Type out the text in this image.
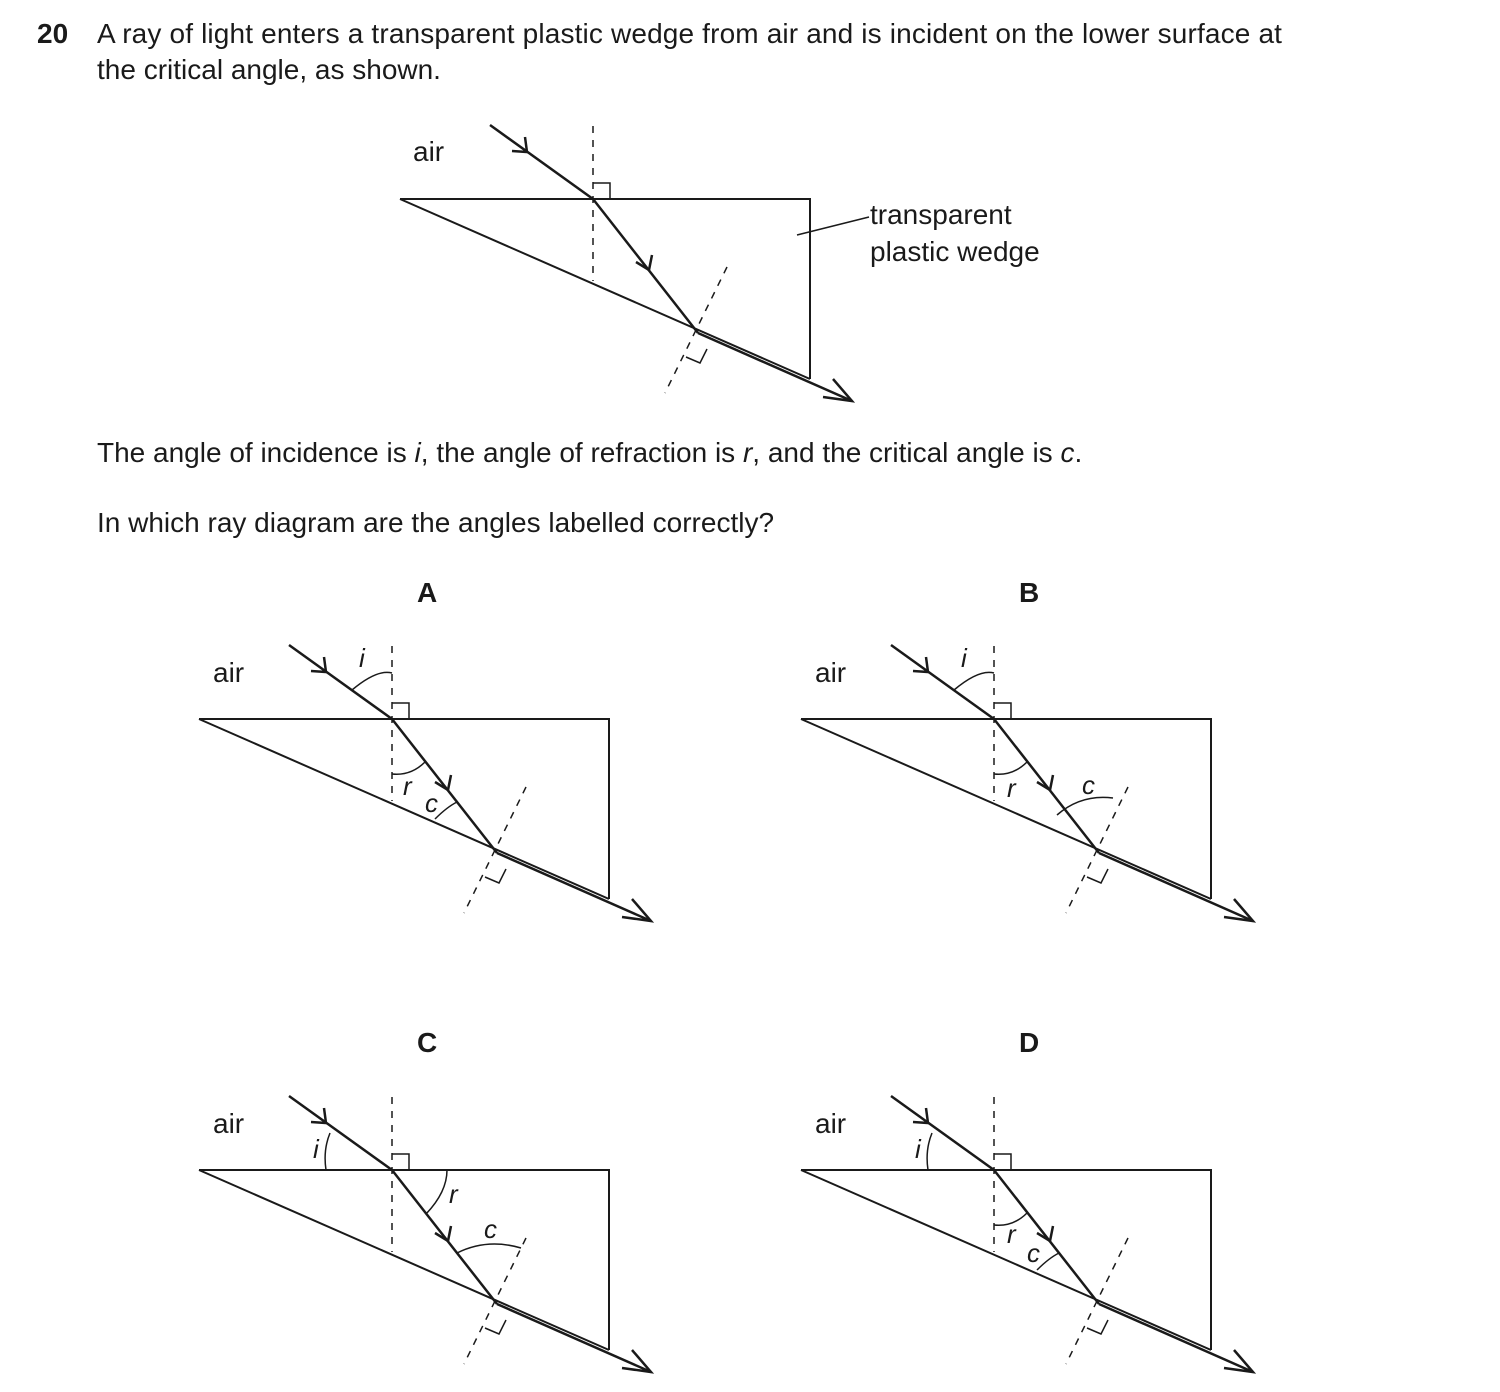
20 A ray of light enters a transparent plastic wedge from air and is incident on the lower surface at
the critical angle, as shown.
The angle of incidence is i, the angle of refraction is r, and the critical angle is c.
In which ray diagram are the angles labelled correctly?
A	B
C	D
air
transparent
plastic wedge
air	i
r
c
air	i
r	c
air
i
r
c
air
i
r
c
